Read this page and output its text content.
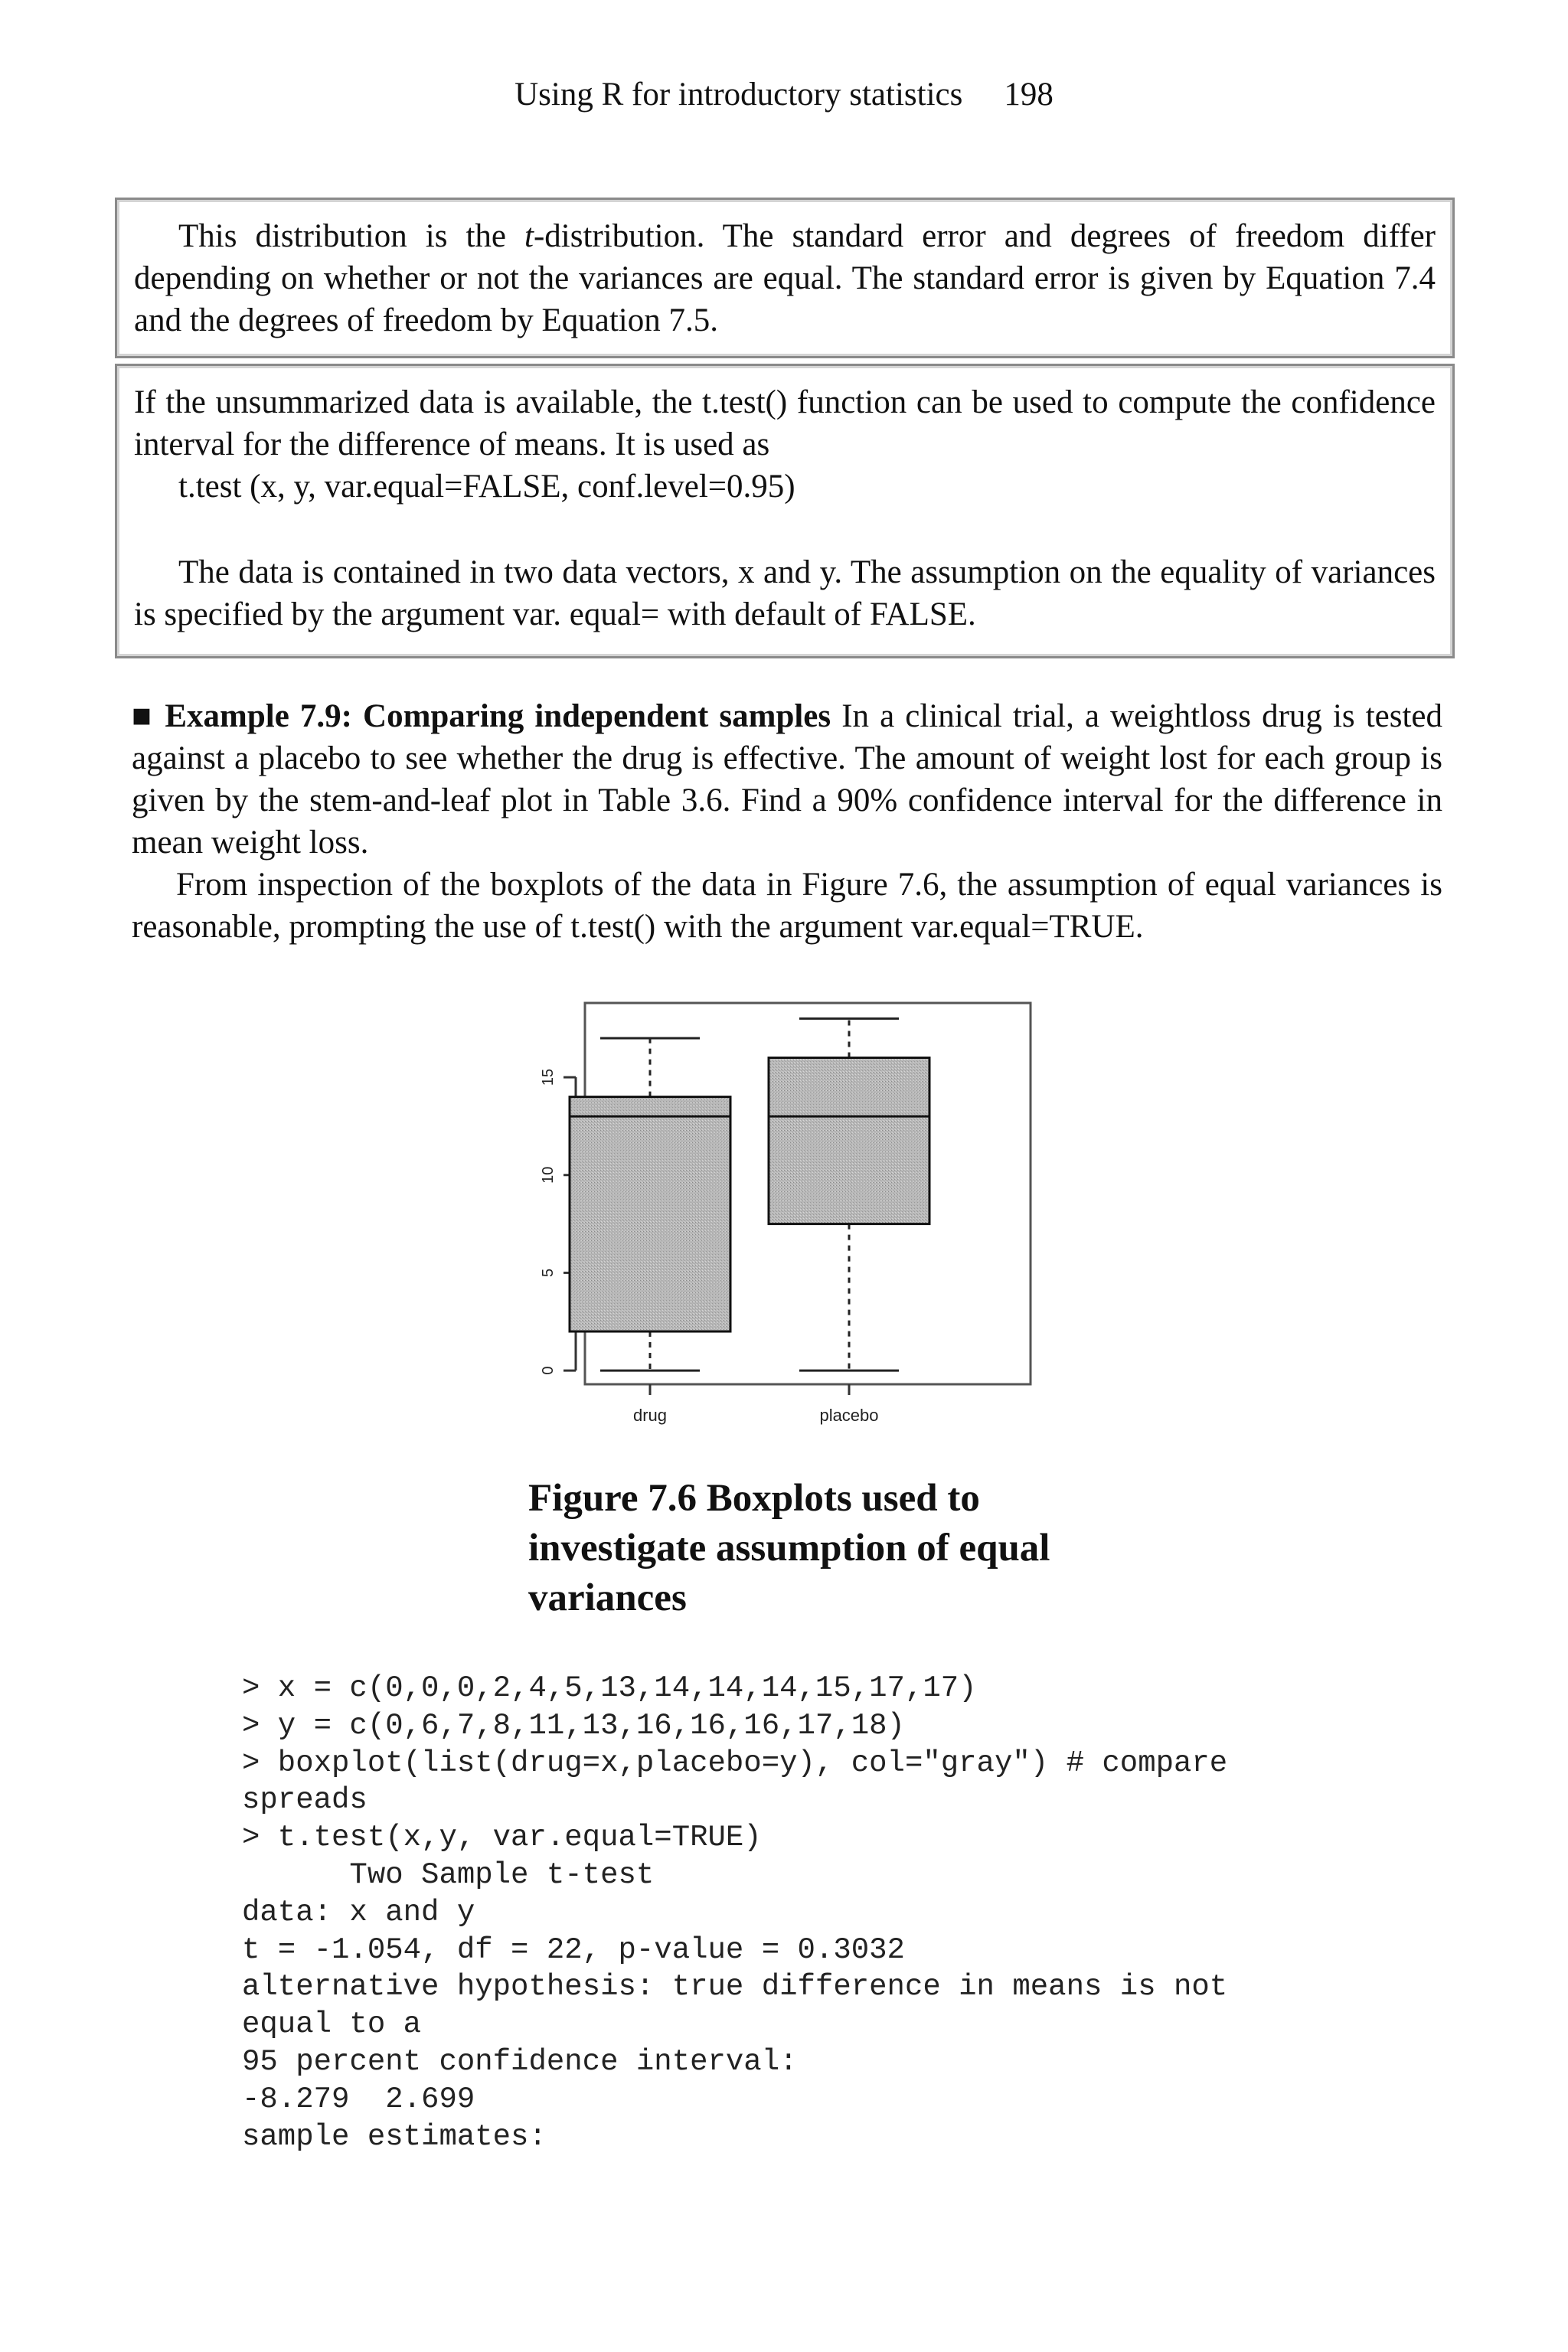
Using R for introductory statistics 198

This distribution is the t-distribution. The standard error and degrees of freedom differ depending on whether or not the variances are equal. The standard error is given by Equation 7.4 and the degrees of freedom by Equation 7.5.

If the unsummarized data is available, the t.test() function can be used to compute the confidence interval for the difference of means. It is used as

t.test (x, y, var.equal=FALSE, conf.level=0.95)

The data is contained in two data vectors, x and y. The assumption on the equality of variances is specified by the argument var. equal= with default of FALSE.

■ Example 7.9: Comparing independent samples In a clinical trial, a weightloss drug is tested against a placebo to see whether the drug is effective. The amount of weight lost for each group is given by the stem-and-leaf plot in Table 3.6. Find a 90% confidence interval for the difference in mean weight loss.

From inspection of the boxplots of the data in Figure 7.6, the assumption of equal variances is reasonable, prompting the use of t.test() with the argument var.equal=TRUE.

0
5
10
15
drug	placebo
Figure 7.6 Boxplots used to
investigate assumption of equal
variances
> x = c(0,0,0,2,4,5,13,14,14,14,15,17,17)
> y = c(0,6,7,8,11,13,16,16,16,17,18)
> boxplot(list(drug=x,placebo=y), col="gray") # compare
spreads
> t.test(x,y, var.equal=TRUE)
Two Sample t-test
data: x and y
t = -1.054, df = 22, p-value = 0.3032
alternative hypothesis: true difference in means is not
equal to a
95 percent confidence interval:
-8.279  2.699
sample estimates:
